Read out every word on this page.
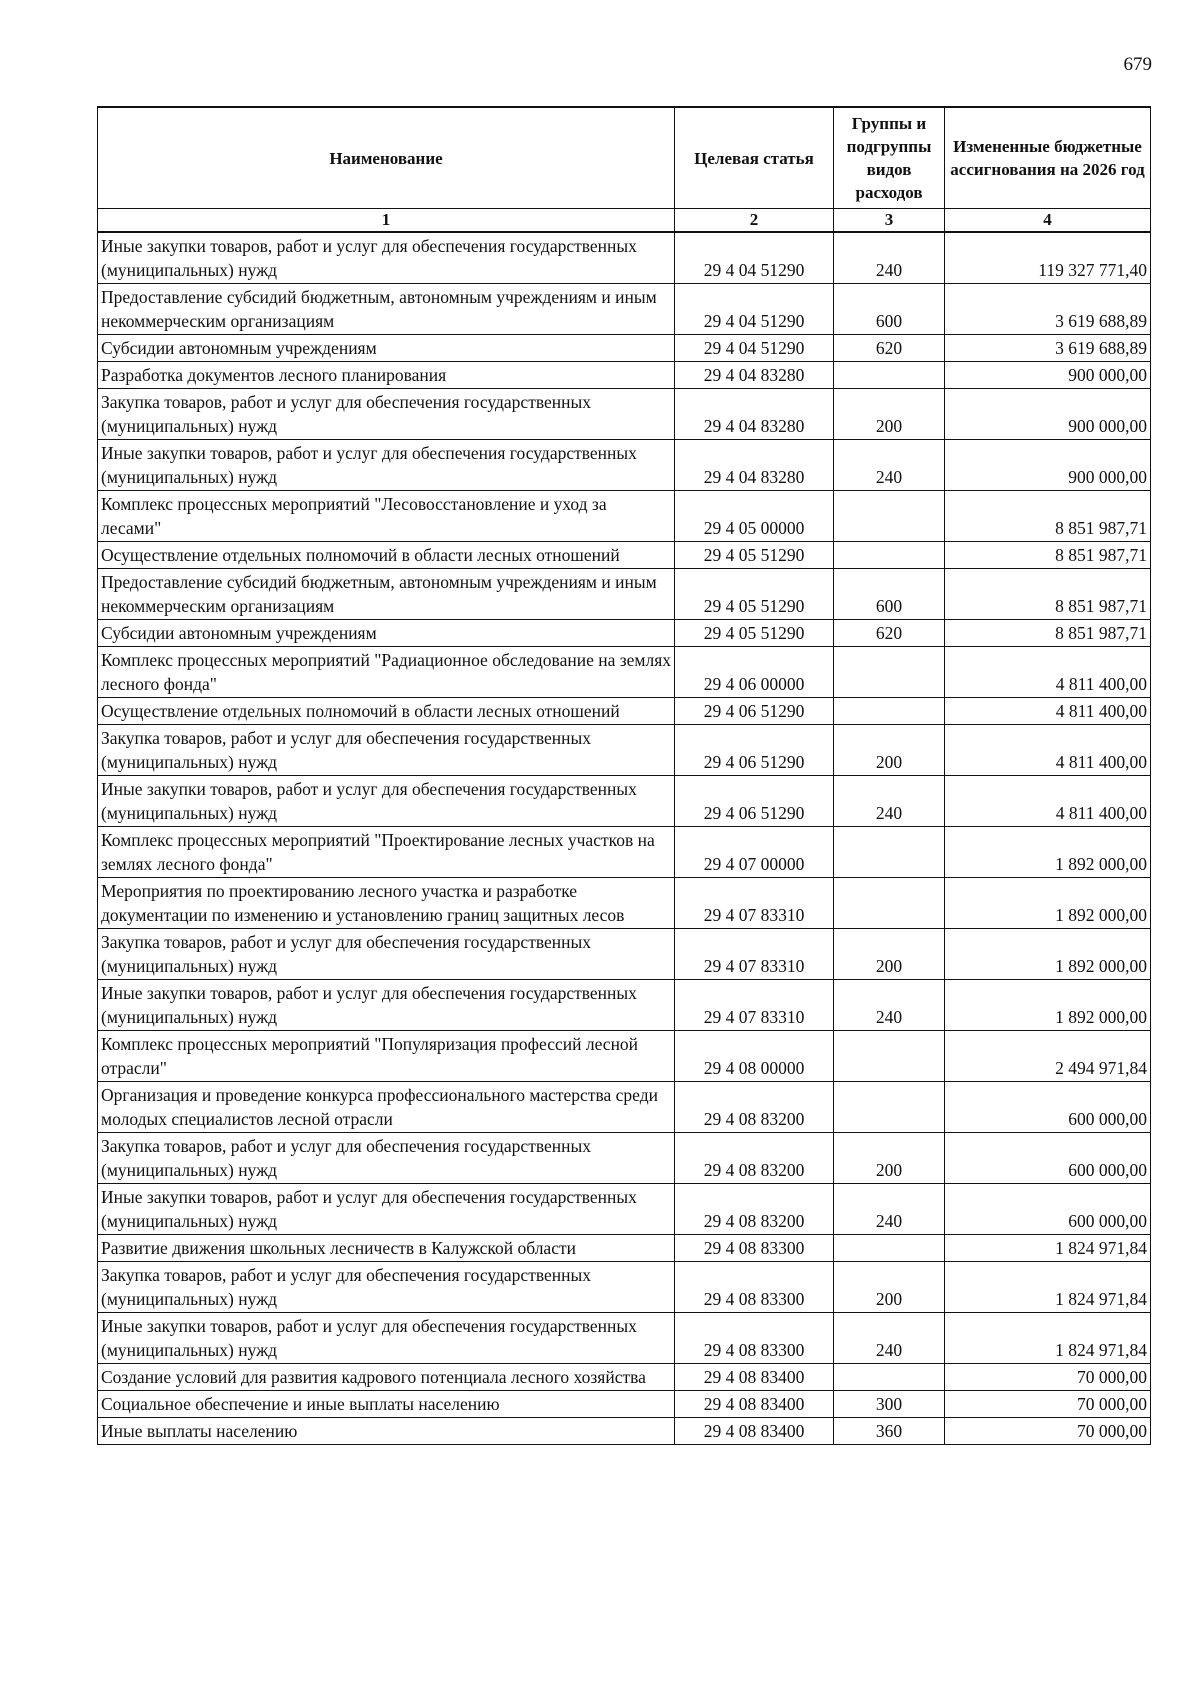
679
Наименование	Целевая статья	Группы и подгруппы видов расходов	Измененные бюджетные ассигнования на 2026 год
1	2	3	4
Иные закупки товаров, работ и услуг для обеспечения государственных (муниципальных) нужд	29 4 04 51290	240	119 327 771,40
Предоставление субсидий бюджетным, автономным учреждениям и иным некоммерческим организациям	29 4 04 51290	600	3 619 688,89
Субсидии автономным учреждениям	29 4 04 51290	620	3 619 688,89
Разработка документов лесного планирования	29 4 04 83280		900 000,00
Закупка товаров, работ и услуг для обеспечения государственных (муниципальных) нужд	29 4 04 83280	200	900 000,00
Иные закупки товаров, работ и услуг для обеспечения государственных (муниципальных) нужд	29 4 04 83280	240	900 000,00
Комплекс процессных мероприятий "Лесовосстановление и уход за лесами"	29 4 05 00000		8 851 987,71
Осуществление отдельных полномочий в области лесных отношений	29 4 05 51290		8 851 987,71
Предоставление субсидий бюджетным, автономным учреждениям и иным некоммерческим организациям	29 4 05 51290	600	8 851 987,71
Субсидии автономным учреждениям	29 4 05 51290	620	8 851 987,71
Комплекс процессных мероприятий "Радиационное обследование на землях лесного фонда"	29 4 06 00000		4 811 400,00
Осуществление отдельных полномочий в области лесных отношений	29 4 06 51290		4 811 400,00
Закупка товаров, работ и услуг для обеспечения государственных (муниципальных) нужд	29 4 06 51290	200	4 811 400,00
Иные закупки товаров, работ и услуг для обеспечения государственных (муниципальных) нужд	29 4 06 51290	240	4 811 400,00
Комплекс процессных мероприятий "Проектирование лесных участков на землях лесного фонда"	29 4 07 00000		1 892 000,00
Мероприятия по проектированию лесного участка и разработке документации по изменению и установлению границ защитных лесов	29 4 07 83310		1 892 000,00
Закупка товаров, работ и услуг для обеспечения государственных (муниципальных) нужд	29 4 07 83310	200	1 892 000,00
Иные закупки товаров, работ и услуг для обеспечения государственных (муниципальных) нужд	29 4 07 83310	240	1 892 000,00
Комплекс процессных мероприятий "Популяризация профессий лесной отрасли"	29 4 08 00000		2 494 971,84
Организация и проведение конкурса профессионального мастерства среди молодых специалистов лесной отрасли	29 4 08 83200		600 000,00
Закупка товаров, работ и услуг для обеспечения государственных (муниципальных) нужд	29 4 08 83200	200	600 000,00
Иные закупки товаров, работ и услуг для обеспечения государственных (муниципальных) нужд	29 4 08 83200	240	600 000,00
Развитие движения школьных лесничеств в Калужской области	29 4 08 83300		1 824 971,84
Закупка товаров, работ и услуг для обеспечения государственных (муниципальных) нужд	29 4 08 83300	200	1 824 971,84
Иные закупки товаров, работ и услуг для обеспечения государственных (муниципальных) нужд	29 4 08 83300	240	1 824 971,84
Создание условий для развития кадрового потенциала лесного хозяйства	29 4 08 83400		70 000,00
Социальное обеспечение и иные выплаты населению	29 4 08 83400	300	70 000,00
Иные выплаты населению	29 4 08 83400	360	70 000,00
